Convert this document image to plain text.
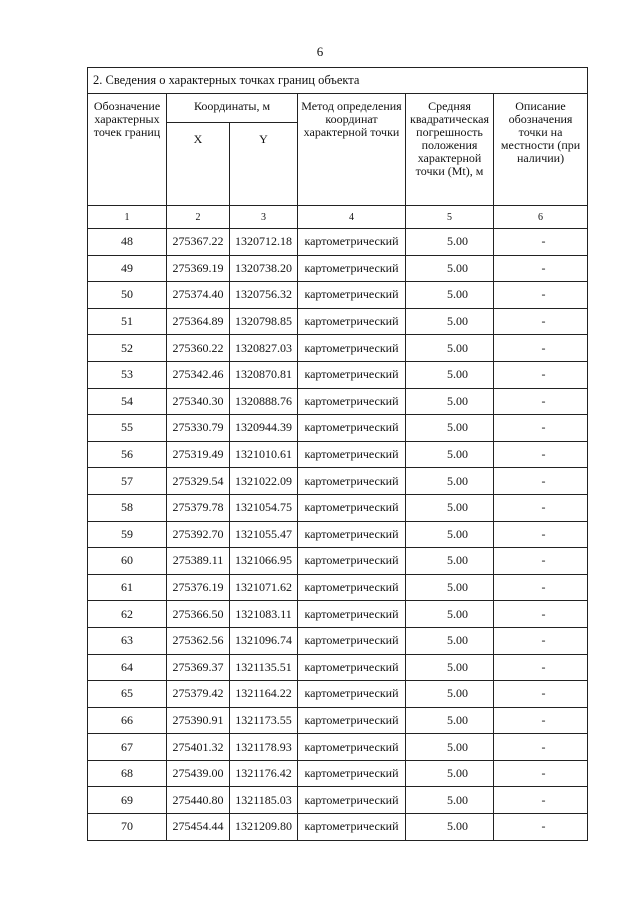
6
2. Сведения о характерных точках границ объекта					
Обозначение характерных точек границ	Координаты, м		Метод определения координат характерной точки	Средняя квадратическая погрешность положения характерной точки (Mt), м	Описание обозначения точки на местности (при наличии)
	X	Y			
1	2	3	4	5	6
48	275367.22	1320712.18	картометрический	5.00	-
49	275369.19	1320738.20	картометрический	5.00	-
50	275374.40	1320756.32	картометрический	5.00	-
51	275364.89	1320798.85	картометрический	5.00	-
52	275360.22	1320827.03	картометрический	5.00	-
53	275342.46	1320870.81	картометрический	5.00	-
54	275340.30	1320888.76	картометрический	5.00	-
55	275330.79	1320944.39	картометрический	5.00	-
56	275319.49	1321010.61	картометрический	5.00	-
57	275329.54	1321022.09	картометрический	5.00	-
58	275379.78	1321054.75	картометрический	5.00	-
59	275392.70	1321055.47	картометрический	5.00	-
60	275389.11	1321066.95	картометрический	5.00	-
61	275376.19	1321071.62	картометрический	5.00	-
62	275366.50	1321083.11	картометрический	5.00	-
63	275362.56	1321096.74	картометрический	5.00	-
64	275369.37	1321135.51	картометрический	5.00	-
65	275379.42	1321164.22	картометрический	5.00	-
66	275390.91	1321173.55	картометрический	5.00	-
67	275401.32	1321178.93	картометрический	5.00	-
68	275439.00	1321176.42	картометрический	5.00	-
69	275440.80	1321185.03	картометрический	5.00	-
70	275454.44	1321209.80	картометрический	5.00	-
